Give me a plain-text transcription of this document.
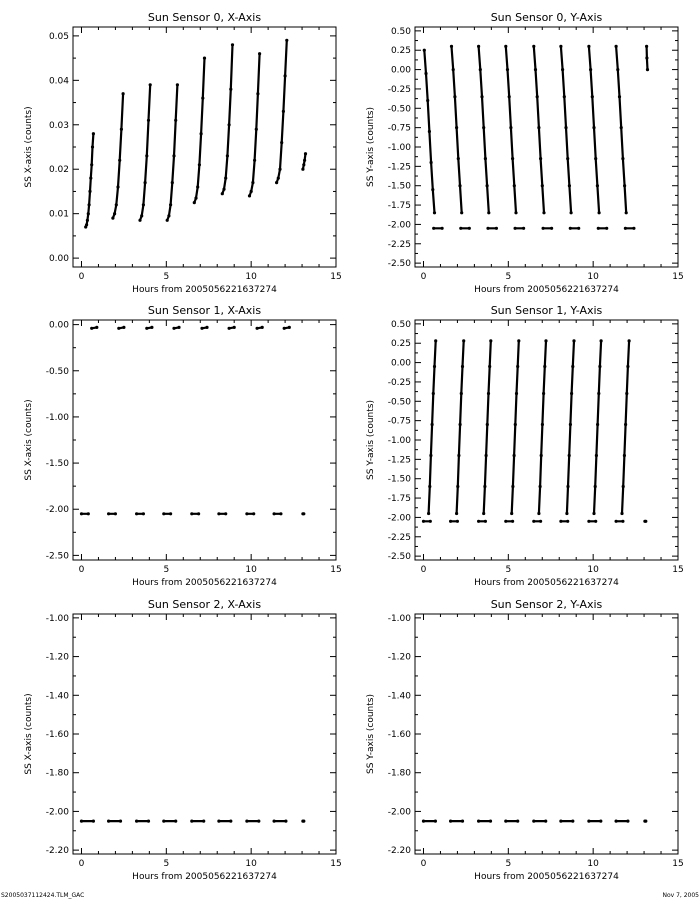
Sun Sensor 0, X-Axis
0	5	10	15
0.00
0.01
0.02
0.03
0.04
0.05
Hours from 2005056221637274
SS X-axis (counts)
Sun Sensor 0, Y-Axis
0	5	10	15
0.50
0.25
0.00
-0.25
-0.50
-0.75
-1.00
-1.25
-1.50
-1.75
-2.00
-2.25
-2.50
Hours from 2005056221637274
SS Y-axis (counts)
Sun Sensor 1, X-Axis
0	5	10	15
0.00
-0.50
-1.00
-1.50
-2.00
-2.50
Hours from 2005056221637274
SS X-axis (counts)
Sun Sensor 1, Y-Axis
0	5	10	15
0.50
0.25
0.00
-0.25
-0.50
-0.75
-1.00
-1.25
-1.50
-1.75
-2.00
-2.25
-2.50
Hours from 2005056221637274
SS Y-axis (counts)
Sun Sensor 2, X-Axis
0	5	10	15
-1.00
-1.20
-1.40
-1.60
-1.80
-2.00
-2.20
Hours from 2005056221637274
SS X-axis (counts)
Sun Sensor 2, Y-Axis
0	5	10	15
-1.00
-1.20
-1.40
-1.60
-1.80
-2.00
-2.20
Hours from 2005056221637274
SS Y-axis (counts)
S2005037112424.TLM_GAC	Nov 7, 2005
